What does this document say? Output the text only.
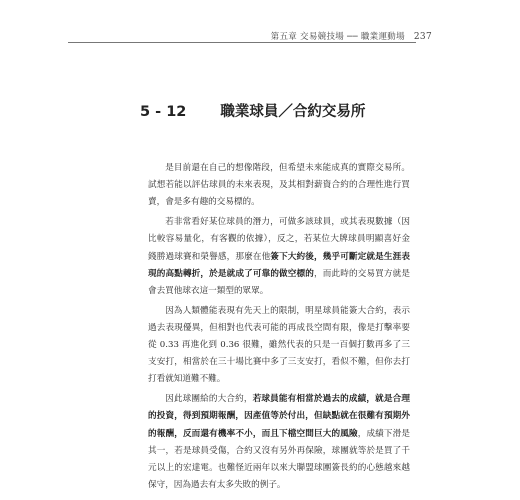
第五章 交易競技場 ── 職業運動場 237
5 - 12 職業球員／合約交易所

是目前還在自己的想像階段，但希望未來能成真的實際交易所。試想若能以評估球員的未來表現，及其相對薪資合約的合理性進行買賣，會是多有趣的交易標的。

若非常看好某位球員的潛力，可做多該球員，或其表現數據（因比較容易量化，有客觀的依據），反之，若某位大牌球員明顯喜好金錢勝過球賽和榮譽感，那麼在他簽下大約後，幾乎可斷定就是生涯表現的高點轉折，於是就成了可靠的做空標的，而此時的交易買方就是會去買他球衣這一類型的眾眾。

因為人類體能表現有先天上的限制，明星球員能簽大合約，表示過去表現優異，但相對也代表可能的再成長空間有限，像是打擊率要從 0.33 再進化到 0.36 很難，雖然代表的只是一百個打數再多了三支安打，相當於在三十場比賽中多了三支安打，看似不難，但你去打打看就知道難不難。

因此球團給的大合約，若球員能有相當於過去的成績，就是合理的投資，得到預期報酬，因產值等於付出，但缺點就在很難有預期外的報酬，反而還有機率不小，而且下檔空間巨大的風險，成績下滑是其一，若是球員受傷，合約又沒有另外再保險，球團就等於是買了千元以上的宏達電。也難怪近兩年以來大聯盟球團簽長約的心態越來越保守，因為過去有太多失敗的例子。
